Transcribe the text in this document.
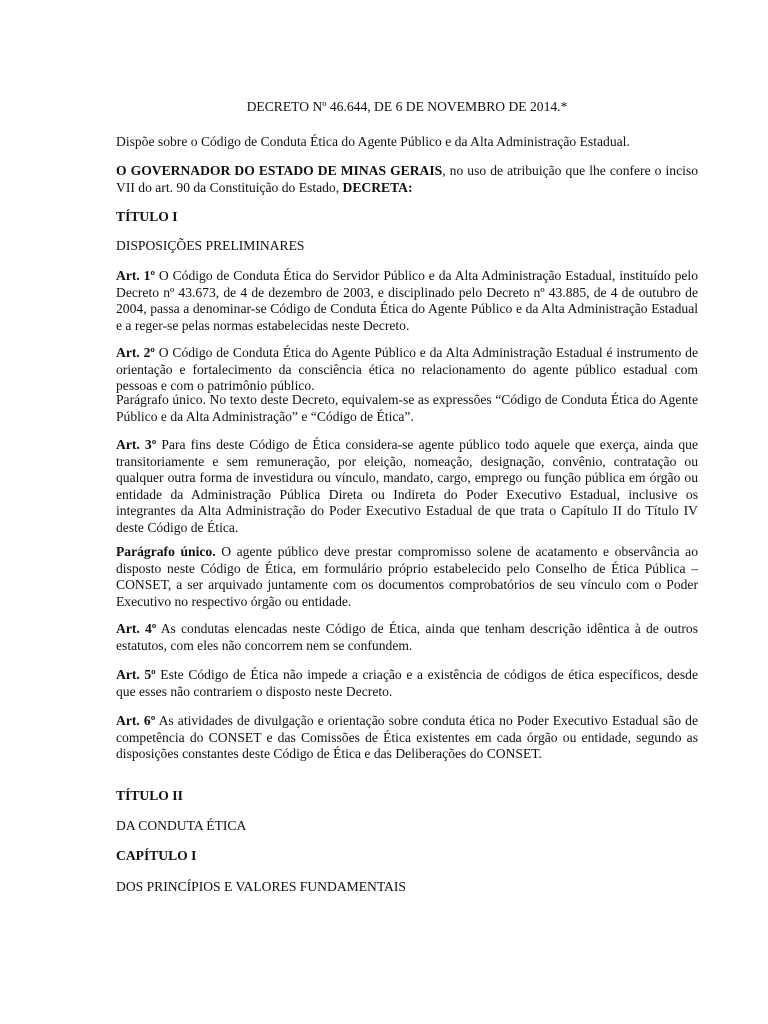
DECRETO Nº 46.644, DE 6 DE NOVEMBRO DE 2014.*

Dispõe sobre o Código de Conduta Ética do Agente Público e da Alta Administração Estadual.

O GOVERNADOR DO ESTADO DE MINAS GERAIS, no uso de atribuição que lhe confere o inciso VII do art. 90 da Constituição do Estado, DECRETA:

TÍTULO I

DISPOSIÇÕES PRELIMINARES

Art. 1º O Código de Conduta Ética do Servidor Público e da Alta Administração Estadual, instituído pelo Decreto nº 43.673, de 4 de dezembro de 2003, e disciplinado pelo Decreto nº 43.885, de 4 de outubro de 2004, passa a denominar-se Código de Conduta Ética do Agente Público e da Alta Administração Estadual e a reger-se pelas normas estabelecidas neste Decreto.

Art. 2º O Código de Conduta Ética do Agente Público e da Alta Administração Estadual é instrumento de orientação e fortalecimento da consciência ética no relacionamento do agente público estadual com pessoas e com o patrimônio público.

Parágrafo único. No texto deste Decreto, equivalem-se as expressões “Código de Conduta Ética do Agente Público e da Alta Administração” e “Código de Ética”.

Art. 3º Para fins deste Código de Ética considera-se agente público todo aquele que exerça, ainda que transitoriamente e sem remuneração, por eleição, nomeação, designação, convênio, contratação ou qualquer outra forma de investidura ou vínculo, mandato, cargo, emprego ou função pública em órgão ou entidade da Administração Pública Direta ou Indireta do Poder Executivo Estadual, inclusive os integrantes da Alta Administração do Poder Executivo Estadual de que trata o Capítulo II do Título IV deste Código de Ética.

Parágrafo único. O agente público deve prestar compromisso solene de acatamento e observância ao disposto neste Código de Ética, em formulário próprio estabelecido pelo Conselho de Ética Pública – CONSET, a ser arquivado juntamente com os documentos comprobatórios de seu vínculo com o Poder Executivo no respectivo órgão ou entidade.

Art. 4º As condutas elencadas neste Código de Ética, ainda que tenham descrição idêntica à de outros estatutos, com eles não concorrem nem se confundem.

Art. 5º Este Código de Ética não impede a criação e a existência de códigos de ética específicos, desde que esses não contrariem o disposto neste Decreto.

Art. 6º As atividades de divulgação e orientação sobre conduta ética no Poder Executivo Estadual são de competência do CONSET e das Comissões de Ética existentes em cada órgão ou entidade, segundo as disposições constantes deste Código de Ética e das Deliberações do CONSET.

TÍTULO II

DA CONDUTA ÉTICA

CAPÍTULO I

DOS PRINCÍPIOS E VALORES FUNDAMENTAIS
